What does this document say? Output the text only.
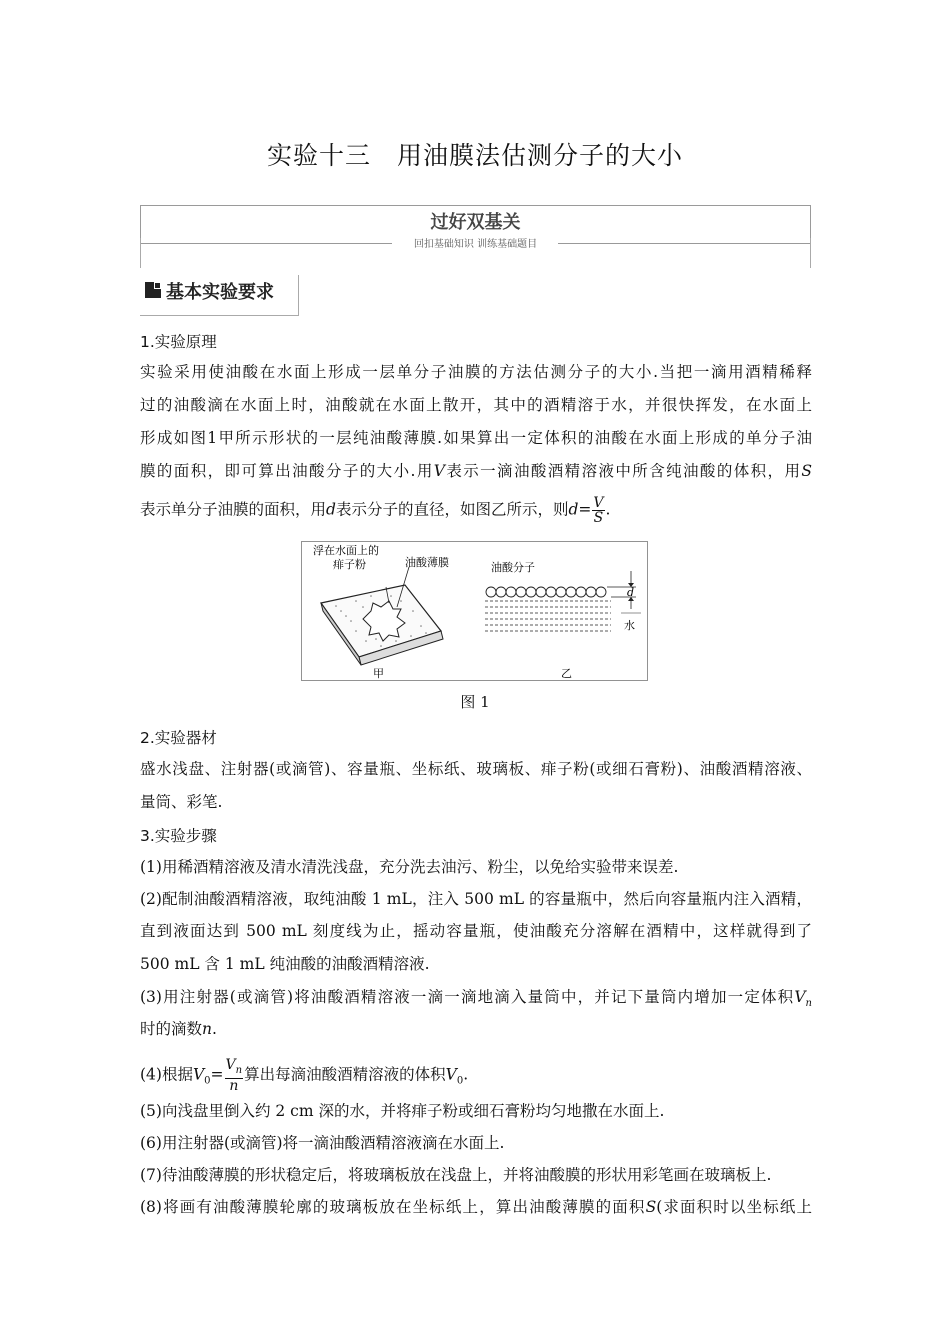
实验十三　用油膜法估测分子的大小
过好双基关
回扣基础知识 训练基础题目
基本实验要求
1.实验原理
实验采用使油酸在水面上形成一层单分子油膜的方法估测分子的大小.当把一滴用酒精稀释
过的油酸滴在水面上时，油酸就在水面上散开，其中的酒精溶于水，并很快挥发，在水面上
形成如图1甲所示形状的一层纯油酸薄膜.如果算出一定体积的油酸在水面上形成的单分子油
膜的面积，即可算出油酸分子的大小.用V表示一滴油酸酒精溶液中所含纯油酸的体积，用S
表示单分子油膜的面积，用d表示分子的直径，如图乙所示，则$d= \frac{V}{S}$ .
浮在水面上的
痱子粉	油酸薄膜
甲
油酸分子
d
水
乙
图 1
2.实验器材
盛水浅盘、注射器(或滴管)、容量瓶、坐标纸、玻璃板、痱子粉(或细石膏粉)、油酸酒精溶液、
量筒、彩笔.
3.实验步骤
(1)用稀酒精溶液及清水清洗浅盘，充分洗去油污、粉尘，以免给实验带来误差.
(2)配制油酸酒精溶液，取纯油酸 1 mL，注入 500 mL 的容量瓶中，然后向容量瓶内注入酒精，
直到液面达到 500 mL 刻度线为止，摇动容量瓶，使油酸充分溶解在酒精中，这样就得到了
500 mL 含 1 mL 纯油酸的油酸酒精溶液.
(3)用注射器(或滴管)将油酸酒精溶液一滴一滴地滴入量筒中，并记下量筒内增加一定体积$V_n$
时的滴数n.
(4)根据$V_0= \frac{V_n}{n}$ 算出每滴油酸酒精溶液的体积$V_0$.
(5)向浅盘里倒入约 2 cm 深的水，并将痱子粉或细石膏粉均匀地撒在水面上.
(6)用注射器(或滴管)将一滴油酸酒精溶液滴在水面上.
(7)待油酸薄膜的形状稳定后，将玻璃板放在浅盘上，并将油酸膜的形状用彩笔画在玻璃板上.
(8)将画有油酸薄膜轮廓的玻璃板放在坐标纸上，算出油酸薄膜的面积S(求面积时以坐标纸上
